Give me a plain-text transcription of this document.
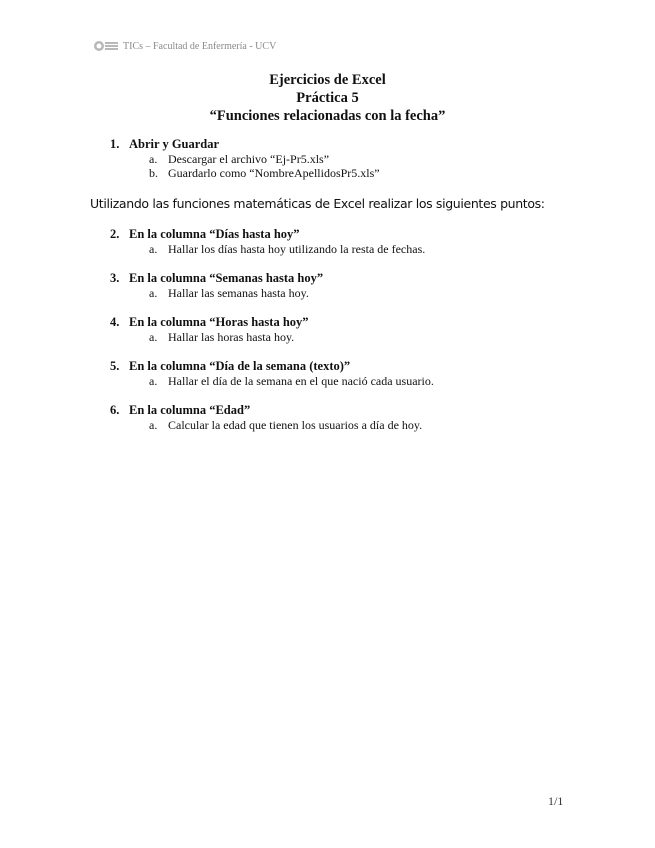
TICs – Facultad de Enfermería - UCV
Ejercicios de Excel
Práctica 5
“Funciones relacionadas con la fecha”
1. Abrir y Guardar
a. Descargar el archivo “Ej-Pr5.xls”
b. Guardarlo como “NombreApellidosPr5.xls”
Utilizando las funciones matemáticas de Excel realizar los siguientes puntos:
2. En la columna “Días hasta hoy”
a. Hallar los días hasta hoy utilizando la resta de fechas.
3. En la columna “Semanas hasta hoy”
a. Hallar las semanas hasta hoy.
4. En la columna “Horas hasta hoy”
a. Hallar las horas hasta hoy.
5. En la columna “Día de la semana (texto)”
a. Hallar el día de la semana en el que nació cada usuario.
6. En la columna “Edad”
a. Calcular la edad que tienen los usuarios a día de hoy.
1/1
